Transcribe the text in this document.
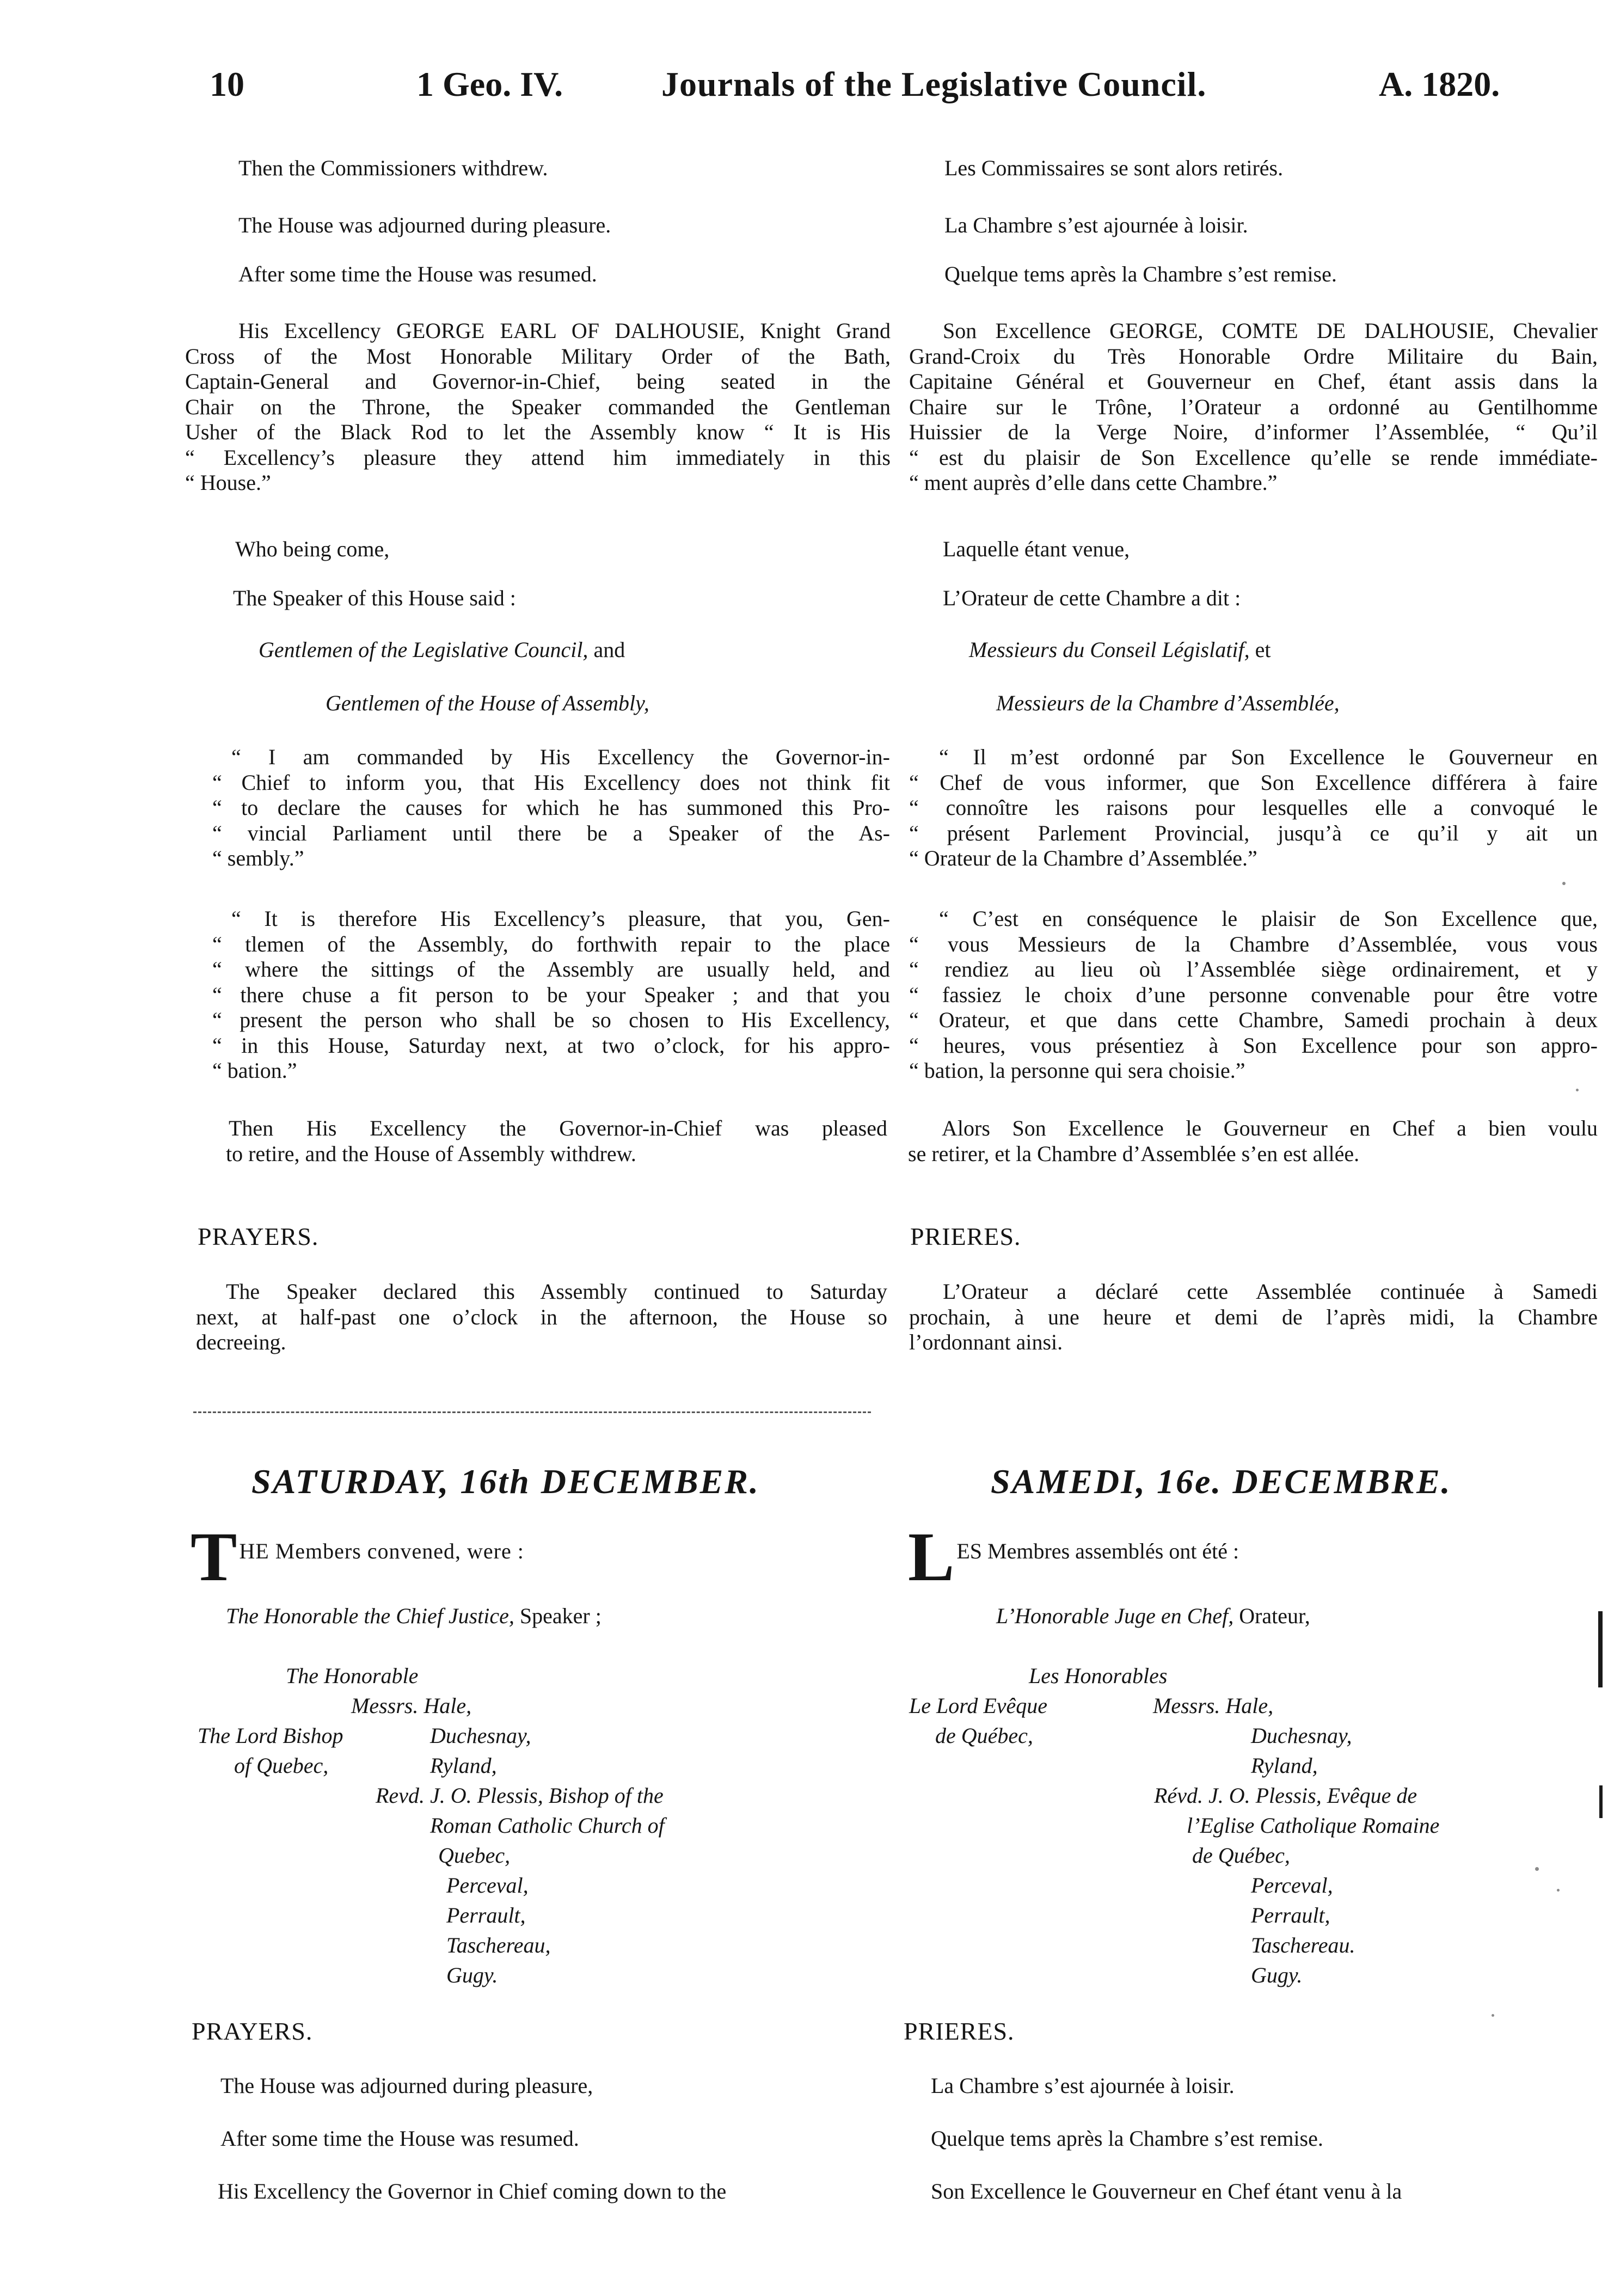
10	1 Geo. IV.	Journals of the Legislative Council.	A. 1820.
Then the Commissioners withdrew.
The House was adjourned during pleasure.
After some time the House was resumed.
His Excellency GEORGE EARL OF DALHOUSIE, Knight Grand
Cross of the Most Honorable Military Order of the Bath,
Captain-General and Governor-in-Chief, being seated in the
Chair on the Throne, the Speaker commanded the Gentleman
Usher of the Black Rod to let the Assembly know “ It is His
“ Excellency’s pleasure they attend him immediately in this
“ House.”
Who being come,
The Speaker of this House said :
Gentlemen of the Legislative Council, and
Gentlemen of the House of Assembly,
“ I am commanded by His Excellency the Governor-in-
“ Chief to inform you, that His Excellency does not think fit
“ to declare the causes for which he has summoned this Pro-
“ vincial Parliament until there be a Speaker of the As-
“ sembly.”
“ It is therefore His Excellency’s pleasure, that you, Gen-
“ tlemen of the Assembly, do forthwith repair to the place
“ where the sittings of the Assembly are usually held, and
“ there chuse a fit person to be your Speaker ; and that you
“ present the person who shall be so chosen to His Excellency,
“ in this House, Saturday next, at two o’clock, for his appro-
“ bation.”
Then His Excellency the Governor-in-Chief was pleased
to retire, and the House of Assembly withdrew.
PRAYERS.
The Speaker declared this Assembly continued to Saturday
next, at half-past one o’clock in the afternoon, the House so
decreeing.
SATURDAY, 16th DECEMBER.
THE Members convened, were :
The Honorable the Chief Justice, Speaker ;
The Honorable
Messrs. Hale,
The Lord Bishop	Duchesnay,
of Quebec,	Ryland,
Revd. J. O. Plessis, Bishop of the
Roman Catholic Church of
Quebec,
Perceval,
Perrault,
Taschereau,
Gugy.
PRAYERS.
The House was adjourned during pleasure,
After some time the House was resumed.
His Excellency the Governor in Chief coming down to the
Les Commissaires se sont alors retirés.
La Chambre s’est ajournée à loisir.
Quelque tems après la Chambre s’est remise.
Son Excellence GEORGE, COMTE DE DALHOUSIE, Chevalier
Grand-Croix du Très Honorable Ordre Militaire du Bain,
Capitaine Général et Gouverneur en Chef, étant assis dans la
Chaire sur le Trône, l’Orateur a ordonné au Gentilhomme
Huissier de la Verge Noire, d’informer l’Assemblée, “ Qu’il
“ est du plaisir de Son Excellence qu’elle se rende immédiate-
“ ment auprès d’elle dans cette Chambre.”
Laquelle étant venue,
L’Orateur de cette Chambre a dit :
Messieurs du Conseil Législatif, et
Messieurs de la Chambre d’Assemblée,
“ Il m’est ordonné par Son Excellence le Gouverneur en
“ Chef de vous informer, que Son Excellence différera à faire
“ connoître les raisons pour lesquelles elle a convoqué le
“ présent Parlement Provincial, jusqu’à ce qu’il y ait un
“ Orateur de la Chambre d’Assemblée.”
“ C’est en conséquence le plaisir de Son Excellence que,
“ vous Messieurs de la Chambre d’Assemblée, vous vous
“ rendiez au lieu où l’Assemblée siège ordinairement, et y
“ fassiez le choix d’une personne convenable pour être votre
“ Orateur, et que dans cette Chambre, Samedi prochain à deux
“ heures, vous présentiez à Son Excellence pour son appro-
“ bation, la personne qui sera choisie.”
Alors Son Excellence le Gouverneur en Chef a bien voulu
se retirer, et la Chambre d’Assemblée s’en est allée.
PRIERES.
L’Orateur a déclaré cette Assemblée continuée à Samedi
prochain, à une heure et demi de l’après midi, la Chambre
l’ordonnant ainsi.
SAMEDI, 16e. DECEMBRE.
LES Membres assemblés ont été :
L’Honorable Juge en Chef, Orateur,
Les Honorables
Le Lord Evêque	Messrs. Hale,
de Québec,	Duchesnay,
Ryland,
Révd. J. O. Plessis, Evêque de
l’Eglise Catholique Romaine
de Québec,
Perceval,
Perrault,
Taschereau.
Gugy.
PRIERES.
La Chambre s’est ajournée à loisir.
Quelque tems après la Chambre s’est remise.
Son Excellence le Gouverneur en Chef étant venu à la
